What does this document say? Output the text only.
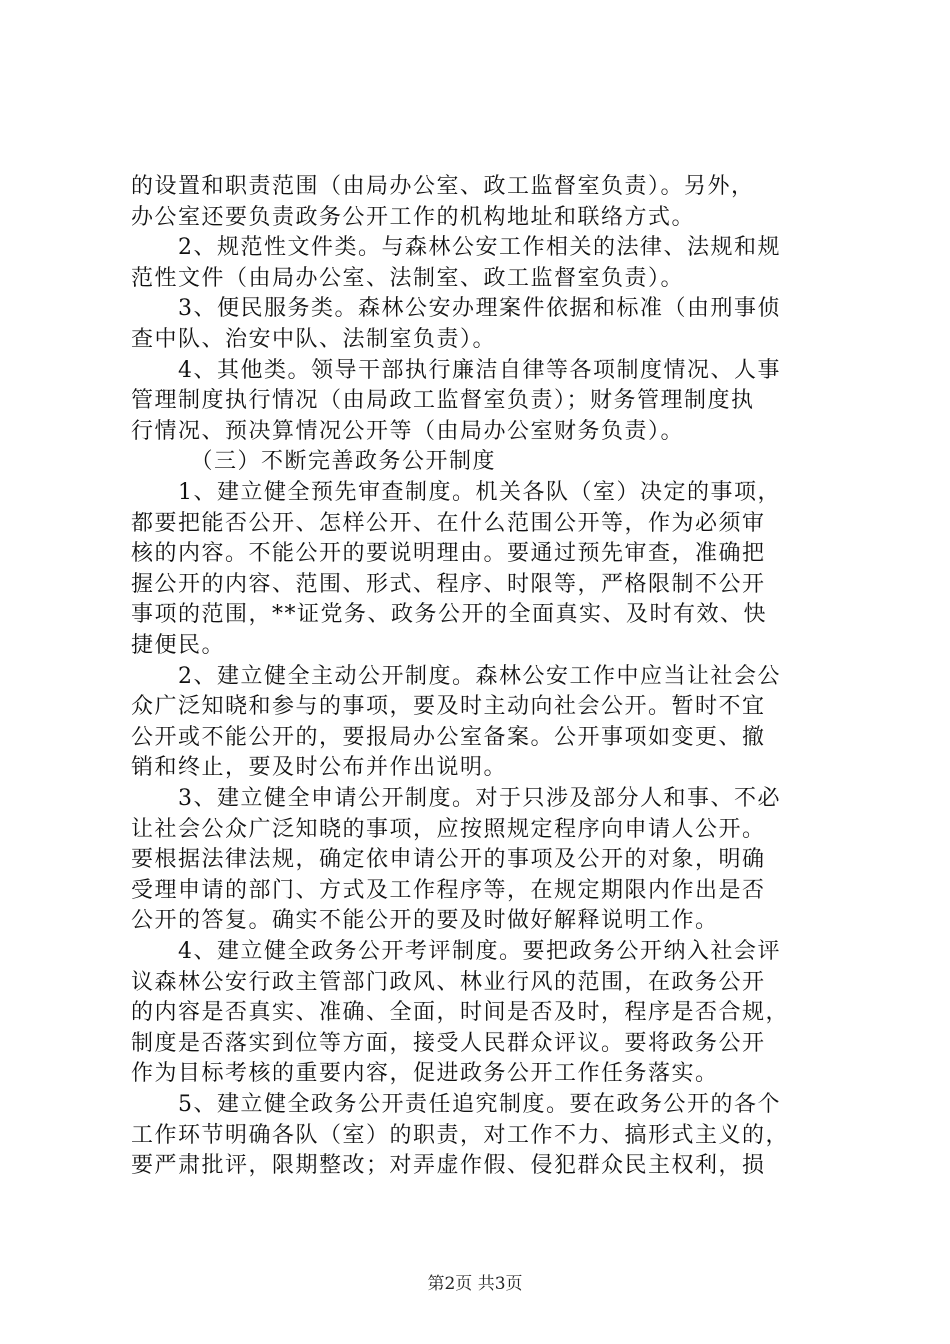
的设置和职责范围（由局办公室、政工监督室负责）。另外，
办公室还要负责政务公开工作的机构地址和联络方式。
　　2、规范性文件类。与森林公安工作相关的法律、法规和规
范性文件（由局办公室、法制室、政工监督室负责）。
　　3、便民服务类。森林公安办理案件依据和标准（由刑事侦
查中队、治安中队、法制室负责）。
　　4、其他类。领导干部执行廉洁自律等各项制度情况、人事
管理制度执行情况（由局政工监督室负责）；财务管理制度执
行情况、预决算情况公开等（由局办公室财务负责）。
　　　（三）不断完善政务公开制度
　　1、建立健全预先审查制度。机关各队（室）决定的事项，
都要把能否公开、怎样公开、在什么范围公开等，作为必须审
核的内容。不能公开的要说明理由。要通过预先审查，准确把
握公开的内容、范围、形式、程序、时限等，严格限制不公开
事项的范围，**证党务、政务公开的全面真实、及时有效、快
捷便民。
　　2、建立健全主动公开制度。森林公安工作中应当让社会公
众广泛知晓和参与的事项，要及时主动向社会公开。暂时不宜
公开或不能公开的，要报局办公室备案。公开事项如变更、撤
销和终止，要及时公布并作出说明。
　　3、建立健全申请公开制度。对于只涉及部分人和事、不必
让社会公众广泛知晓的事项，应按照规定程序向申请人公开。
要根据法律法规，确定依申请公开的事项及公开的对象，明确
受理申请的部门、方式及工作程序等，在规定期限内作出是否
公开的答复。确实不能公开的要及时做好解释说明工作。
　　4、建立健全政务公开考评制度。要把政务公开纳入社会评
议森林公安行政主管部门政风、林业行风的范围，在政务公开
的内容是否真实、准确、全面，时间是否及时，程序是否合规，
制度是否落实到位等方面，接受人民群众评议。要将政务公开
作为目标考核的重要内容，促进政务公开工作任务落实。
　　5、建立健全政务公开责任追究制度。要在政务公开的各个
工作环节明确各队（室）的职责，对工作不力、搞形式主义的，
要严肃批评，限期整改；对弄虚作假、侵犯群众民主权利，损
第2页 共3页
